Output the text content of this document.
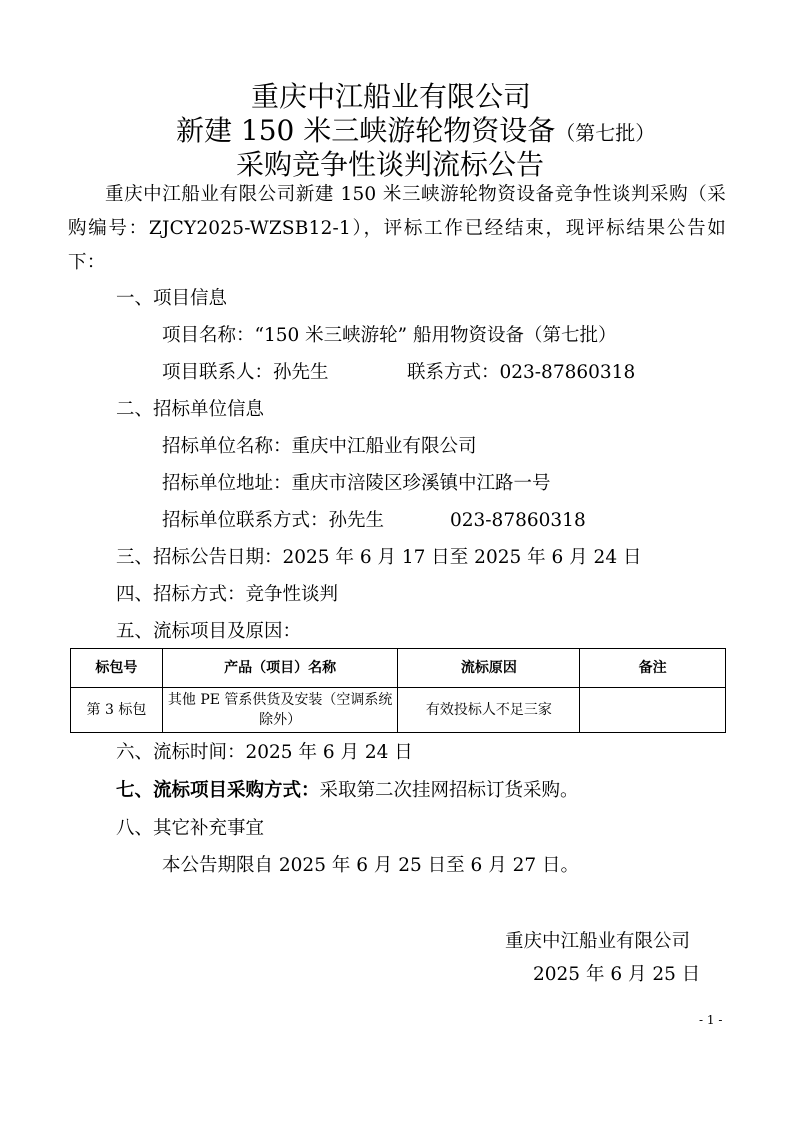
重庆中江船业有限公司
新建 150 米三峡游轮物资设备（第七批）
采购竞争性谈判流标公告
重庆中江船业有限公司新建 150 米三峡游轮物资设备竞争性谈判采购（采购编号：ZJCY2025-WZSB12-1），评标工作已经结束，现评标结果公告如下：
一、项目信息
项目名称：“150 米三峡游轮” 船用物资设备（第七批）
项目联系人：孙先生	联系方式：023-87860318
二、招标单位信息
招标单位名称：重庆中江船业有限公司
招标单位地址：重庆市涪陵区珍溪镇中江路一号
招标单位联系方式：孙先生	023-87860318
三、招标公告日期：2025 年 6 月 17 日至 2025 年 6 月 24 日
四、招标方式：竞争性谈判
五、流标项目及原因：
标包号	产品（项目）名称	流标原因	备注
第 3 标包	其他 PE 管系供货及安装（空调系统除外）	有效投标人不足三家	
六、流标时间：2025 年 6 月 24 日
七、流标项目采购方式：采取第二次挂网招标订货采购。
八、其它补充事宜
本公告期限自 2025 年 6 月 25 日至 6 月 27 日。
重庆中江船业有限公司
2025 年 6 月 25 日
- 1 -
